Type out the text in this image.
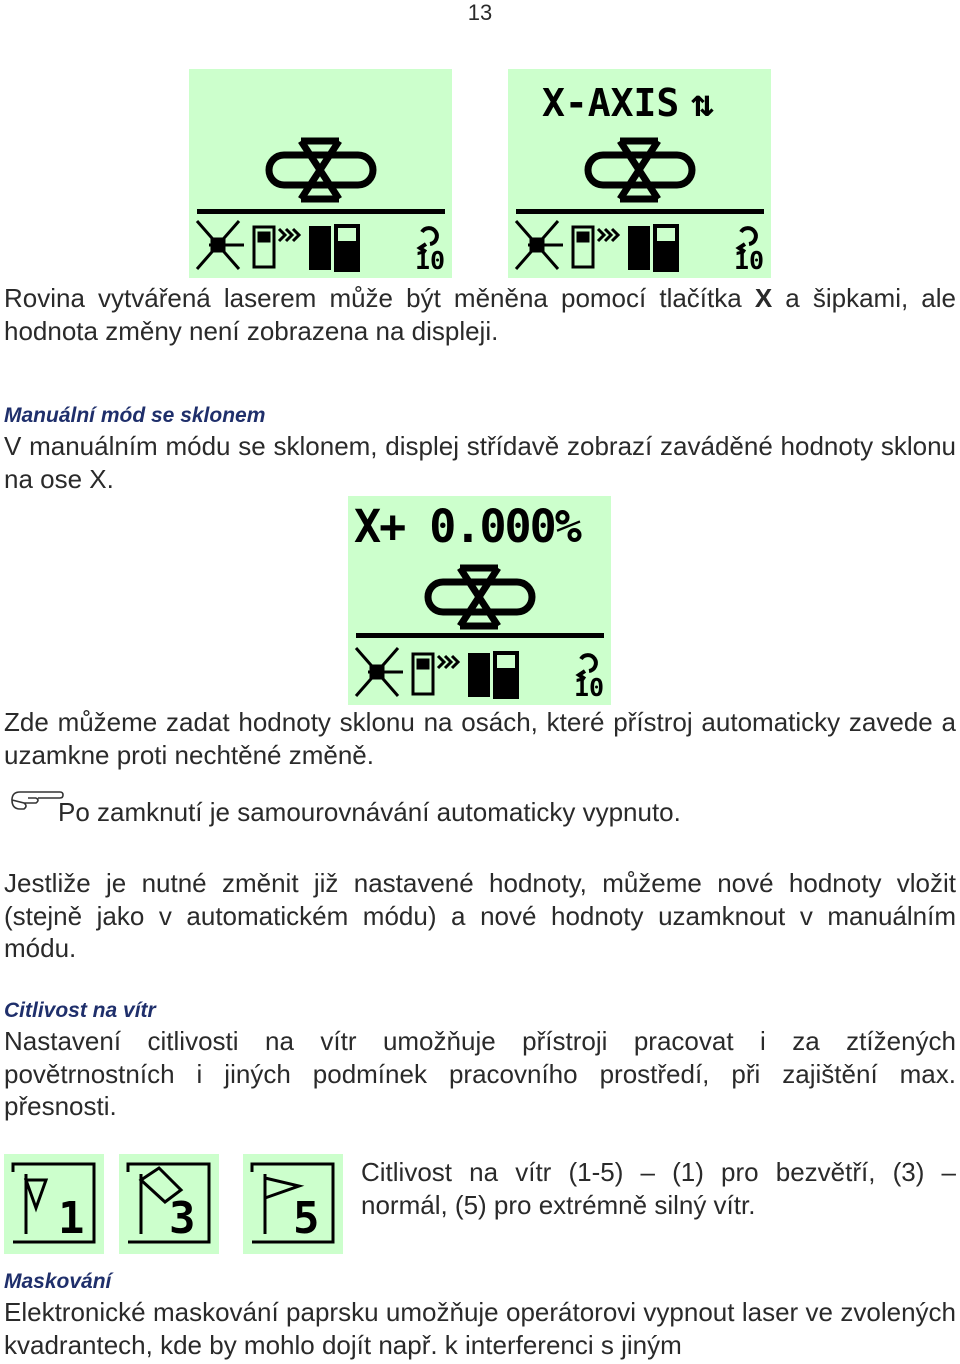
13
10
X-AXIS ⇅
10

Rovina vytvářená laserem může být měněna pomocí tlačítka X a šipkami, ale hodnota změny není zobrazena na displeji.

Manuální mód se sklonem

V manuálním módu se sklonem, displej střídavě zobrazí zaváděné hodnoty sklonu na ose X.

X+ 0.000%
10

Zde můžeme zadat hodnoty sklonu na osách, které přístroj automaticky zavede a uzamkne proti nechtěné změně.

Po zamknutí je samourovnávání automaticky vypnuto.

Jestliže je nutné změnit již nastavené hodnoty, můžeme nové hodnoty vložit (stejně jako v automatickém módu) a nové hodnoty uzamknout v manuálním módu.

Citlivost na vítr

Nastavení citlivosti na vítr umožňuje přístroji pracovat i za ztížených povětrnostních i jiných podmínek pracovního prostředí, při zajištění max. přesnosti.

1 3 5

Citlivost na vítr (1-5) – (1) pro bezvětří, (3) – normál, (5) pro extrémně silný vítr.

Maskování

Elektronické maskování paprsku umožňuje operátorovi vypnout laser ve zvolených kvadrantech, kde by mohlo dojít např. k interferenci s jiným
